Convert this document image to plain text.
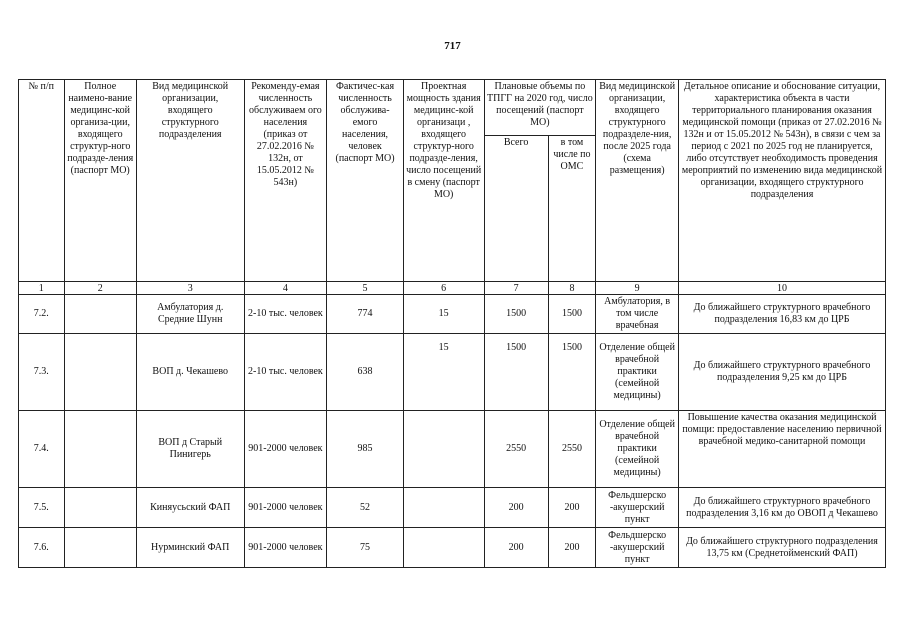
717
№ п/п	Полное наимено-вание медицинс-кой организа-ции, входящего структур-ного подразде-ления (паспорт МО)	Вид медицинской организации, входящего структурного подразделения	Рекоменду-емая численность обслуживаем ого населения (приказ от 27.02.2016 № 132н, от 15.05.2012 № 543н)	Фактичес-кая численность обслужива-емого населения, человек (паспорт МО)	Проектная мощность здания медицинс-кой организаци , входящего структур-ного подразде-ления, число посещений в смену (паспорт МО)	Плановые объемы по ТПГГ на 2020 год, число посещений (паспорт МО)		Вид медицинской организации, входящего структурного подразделе-ния, после 2025 года (схема размещения)	Детальное описание и обоснование ситуации, характеристика объекта в части территориального планирования оказания медицинской помощи (приказ от 27.02.2016 № 132н и от 15.05.2012 № 543н), в связи с чем за период с 2021 по 2025 год не планируется, либо отсутствует необходимость проведения мероприятий по изменению вида медицинской организации, входящего структурного подразделения
						Всего	в том числе по ОМС		
1	2	3	4	5	6	7	8	9	10
7.2.		Амбулатория д. Средние Шунн	2-10 тыс. человек	774	15	1500	1500	Амбулатория, в том числе врачебная	До ближайшего структурного врачебного подразделения 16,83 км до ЦРБ
7.3.		ВОП д. Чекашево	2-10 тыс. человек	638	15	1500	1500	Отделение общей врачебной практики (семейной медицины)	До ближайшего структурного врачебного подразделения 9,25 км до ЦРБ
7.4.		ВОП д Старый Пинигерь	901-2000 человек	985		2550	2550	Отделение общей врачебной практики (семейной медицины)	Повышение качества оказания медицинской помщи: предоставление населению первичной врачебной медико-санитарной помощи
7.5.		Киняусьский ФАП	901-2000 человек	52		200	200	Фельдшерско -акушерский пункт	До ближайшего структурного врачебного подразделения 3,16 км до ОВОП д Чекашево
7.6.		Нурминский ФАП	901-2000 человек	75		200	200	Фельдшерско -акушерский пункт	До ближайшего структурного подразделения 13,75 км (Среднетойменский ФАП)
